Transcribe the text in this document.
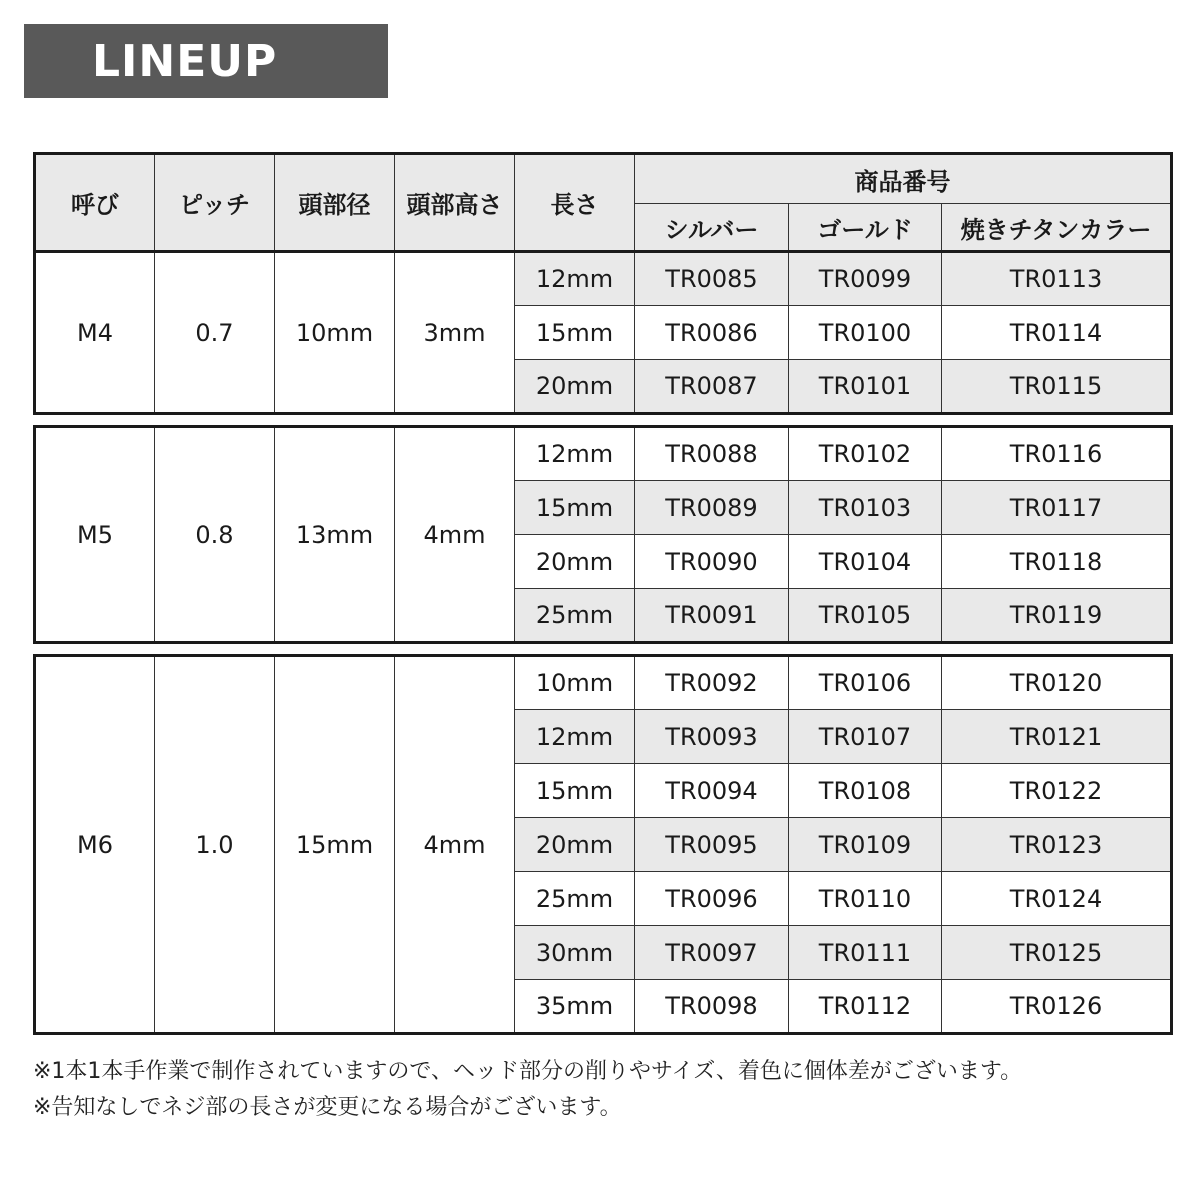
LINEUP
呼び	ピッチ	頭部径	頭部高さ	長さ	商品番号		
					シルバー	ゴールド	焼きチタンカラー
M4	0.7	10mm	3mm	12mm	TR0085	TR0099	TR0113
				15mm	TR0086	TR0100	TR0114
				20mm	TR0087	TR0101	TR0115

M5	0.8	13mm	4mm	12mm	TR0088	TR0102	TR0116
				15mm	TR0089	TR0103	TR0117
				20mm	TR0090	TR0104	TR0118
				25mm	TR0091	TR0105	TR0119

M6	1.0	15mm	4mm	10mm	TR0092	TR0106	TR0120
				12mm	TR0093	TR0107	TR0121
				15mm	TR0094	TR0108	TR0122
				20mm	TR0095	TR0109	TR0123
				25mm	TR0096	TR0110	TR0124
				30mm	TR0097	TR0111	TR0125
				35mm	TR0098	TR0112	TR0126
※1本1本手作業で制作されていますので、ヘッド部分の削りやサイズ、着色に個体差がございます。
※告知なしでネジ部の長さが変更になる場合がございます。
